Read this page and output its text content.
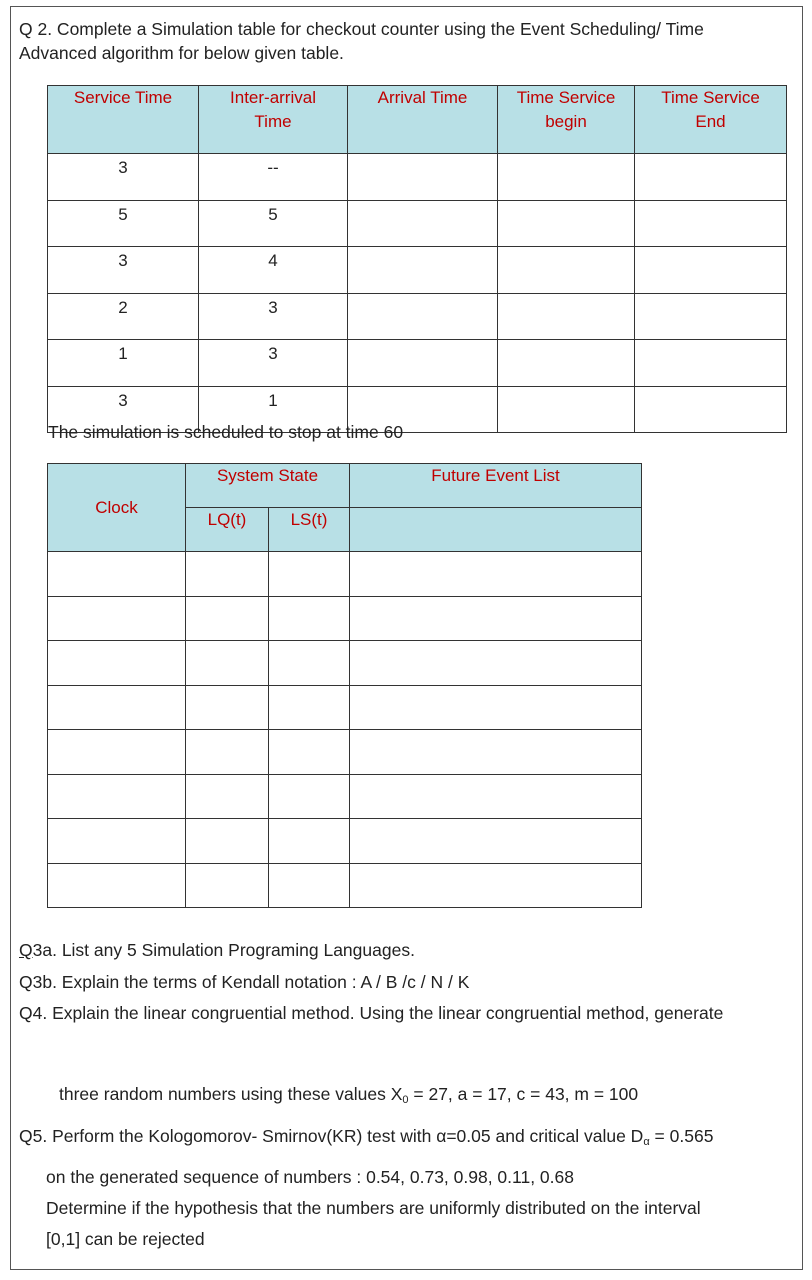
Q 2. Complete a Simulation table for checkout counter using the Event Scheduling/ Time
Advanced algorithm for below given table.
Service Time	Inter-arrival Time	Arrival Time	Time Service begin	Time Service End
3	--			
5	5			
3	4			
2	3			
1	3			
3	1			
The simulation is scheduled to stop at time 60
Clock	System State		Future Event List
	LQ(t)	LS(t)	

Q3a. List any 5 Simulation Programing Languages.
Q3b. Explain the terms of Kendall notation : A / B /c / N / K
Q4. Explain the linear congruential method. Using the linear congruential method, generate
three random numbers using these values $X_0 = 27$, a = 17, c = 43, m = 100
Q5. Perform the Kologomorov- Smirnov(KR) test with α=0.05 and critical value $D_\alpha = 0.565$
on the generated sequence of numbers : 0.54, 0.73, 0.98, 0.11, 0.68
Determine if the hypothesis that the numbers are uniformly distributed on the interval
[0,1] can be rejected
